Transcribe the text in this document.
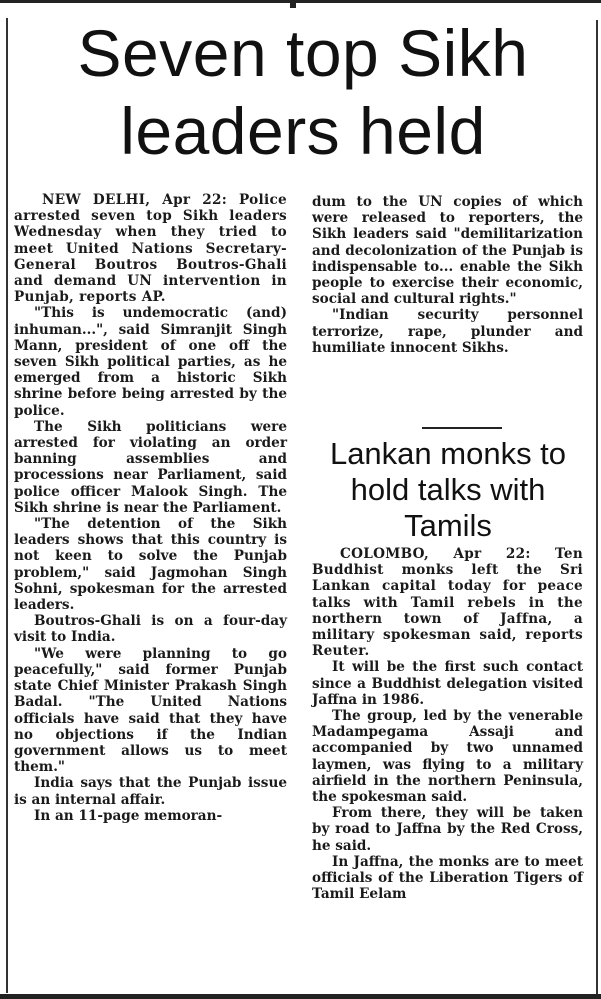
Seven top Sikh leaders held

NEW DELHI, Apr 22: Police arrested seven top Sikh leaders Wednesday when they tried to meet United Nations Secretary-General Boutros Boutros-Ghali and demand UN intervention in Punjab, reports AP.

"This is undemocratic (and) inhuman...", said Simranjit Singh Mann, president of one off the seven Sikh political parties, as he emerged from a historic Sikh shrine before being arrested by the police.

The Sikh politicians were arrested for violating an order banning assemblies and processions near Parliament, said police officer Malook Singh. The Sikh shrine is near the Parliament.

"The detention of the Sikh leaders shows that this country is not keen to solve the Punjab problem," said Jagmohan Singh Sohni, spokesman for the arrested leaders.

Boutros-Ghali is on a four-day visit to India.

"We were planning to go peacefully," said former Punjab state Chief Minister Prakash Singh Badal. "The United Nations officials have said that they have no objections if the Indian government allows us to meet them."

India says that the Punjab issue is an internal affair.

In an 11-page memoran-

dum to the UN copies of which were released to reporters, the Sikh leaders said "demilitarization and decolonization of the Punjab is indispensable to... enable the Sikh people to exercise their economic, social and cultural rights."

"Indian security personnel terrorize, rape, plunder and humiliate innocent Sikhs.

Lankan monks to hold talks with Tamils

COLOMBO, Apr 22: Ten Buddhist monks left the Sri Lankan capital today for peace talks with Tamil rebels in the northern town of Jaffna, a military spokesman said, reports Reuter.

It will be the first such contact since a Buddhist delegation visited Jaffna in 1986.

The group, led by the venerable Madampegama Assaji and accompanied by two unnamed laymen, was flying to a military airfield in the northern Peninsula, the spokesman said.

From there, they will be taken by road to Jaffna by the Red Cross, he said.

In Jaffna, the monks are to meet officials of the Liberation Tigers of Tamil Eelam
